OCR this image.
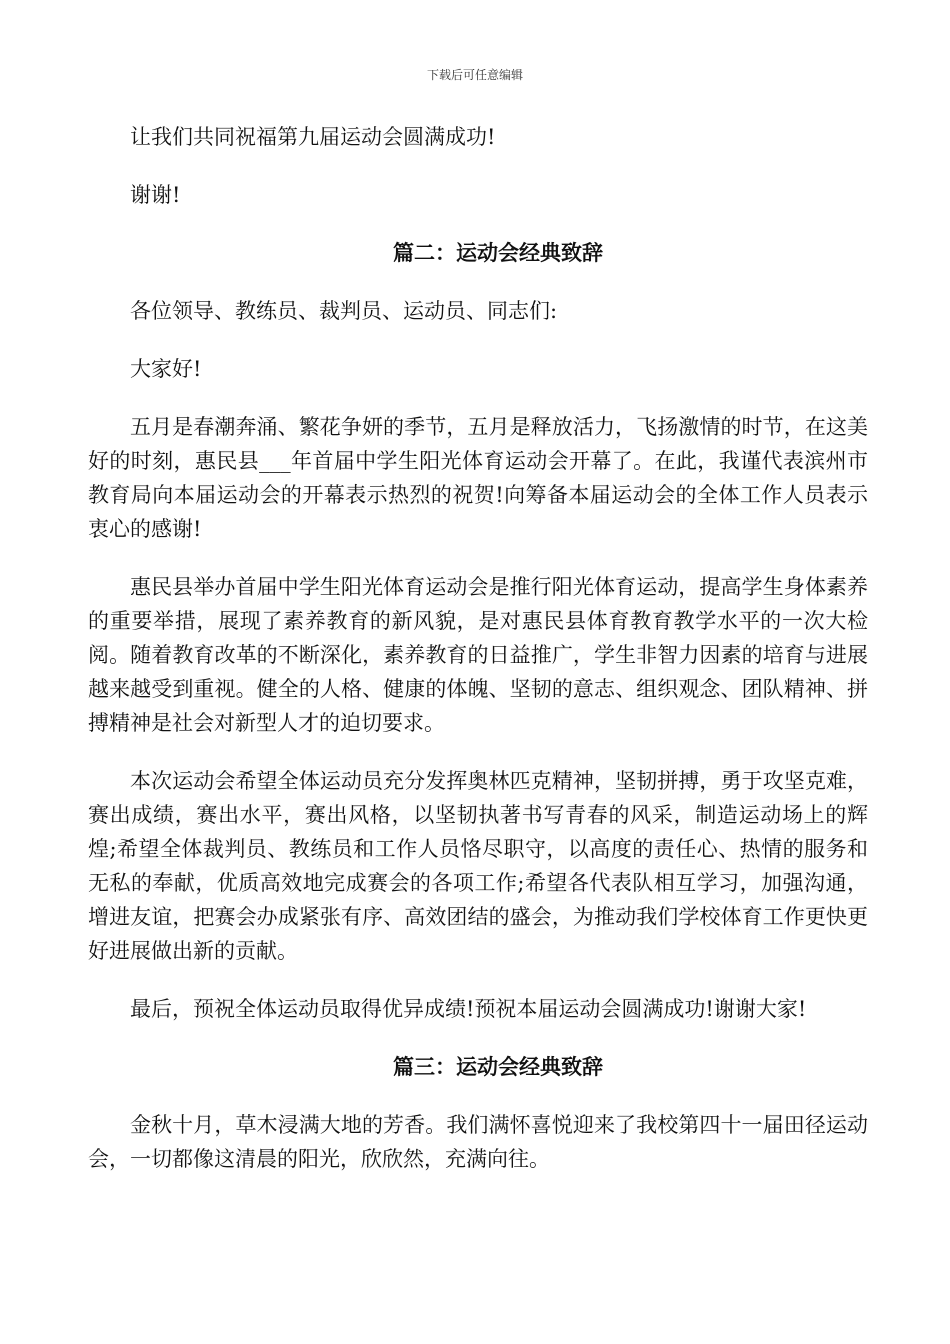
下载后可任意编辑

让我们共同祝福第九届运动会圆满成功!

谢谢!

篇二：运动会经典致辞

各位领导、教练员、裁判员、运动员、同志们:

大家好!

五月是春潮奔涌、繁花争妍的季节，五月是释放活力，飞扬激情的时节，在这美好的时刻，惠民县___年首届中学生阳光体育运动会开幕了。在此，我谨代表滨州市教育局向本届运动会的开幕表示热烈的祝贺!向筹备本届运动会的全体工作人员表示衷心的感谢!

惠民县举办首届中学生阳光体育运动会是推行阳光体育运动，提高学生身体素养的重要举措，展现了素养教育的新风貌，是对惠民县体育教育教学水平的一次大检阅。随着教育改革的不断深化，素养教育的日益推广，学生非智力因素的培育与进展越来越受到重视。健全的人格、健康的体魄、坚韧的意志、组织观念、团队精神、拼搏精神是社会对新型人才的迫切要求。

本次运动会希望全体运动员充分发挥奥林匹克精神，坚韧拼搏，勇于攻坚克难，赛出成绩，赛出水平，赛出风格，以坚韧执著书写青春的风采，制造运动场上的辉煌;希望全体裁判员、教练员和工作人员恪尽职守，以高度的责任心、热情的服务和无私的奉献，优质高效地完成赛会的各项工作;希望各代表队相互学习，加强沟通，增进友谊，把赛会办成紧张有序、高效团结的盛会，为推动我们学校体育工作更快更好进展做出新的贡献。

最后，预祝全体运动员取得优异成绩!预祝本届运动会圆满成功!谢谢大家!

篇三：运动会经典致辞

金秋十月，草木浸满大地的芳香。我们满怀喜悦迎来了我校第四十一届田径运动会，一切都像这清晨的阳光，欣欣然，充满向往。
